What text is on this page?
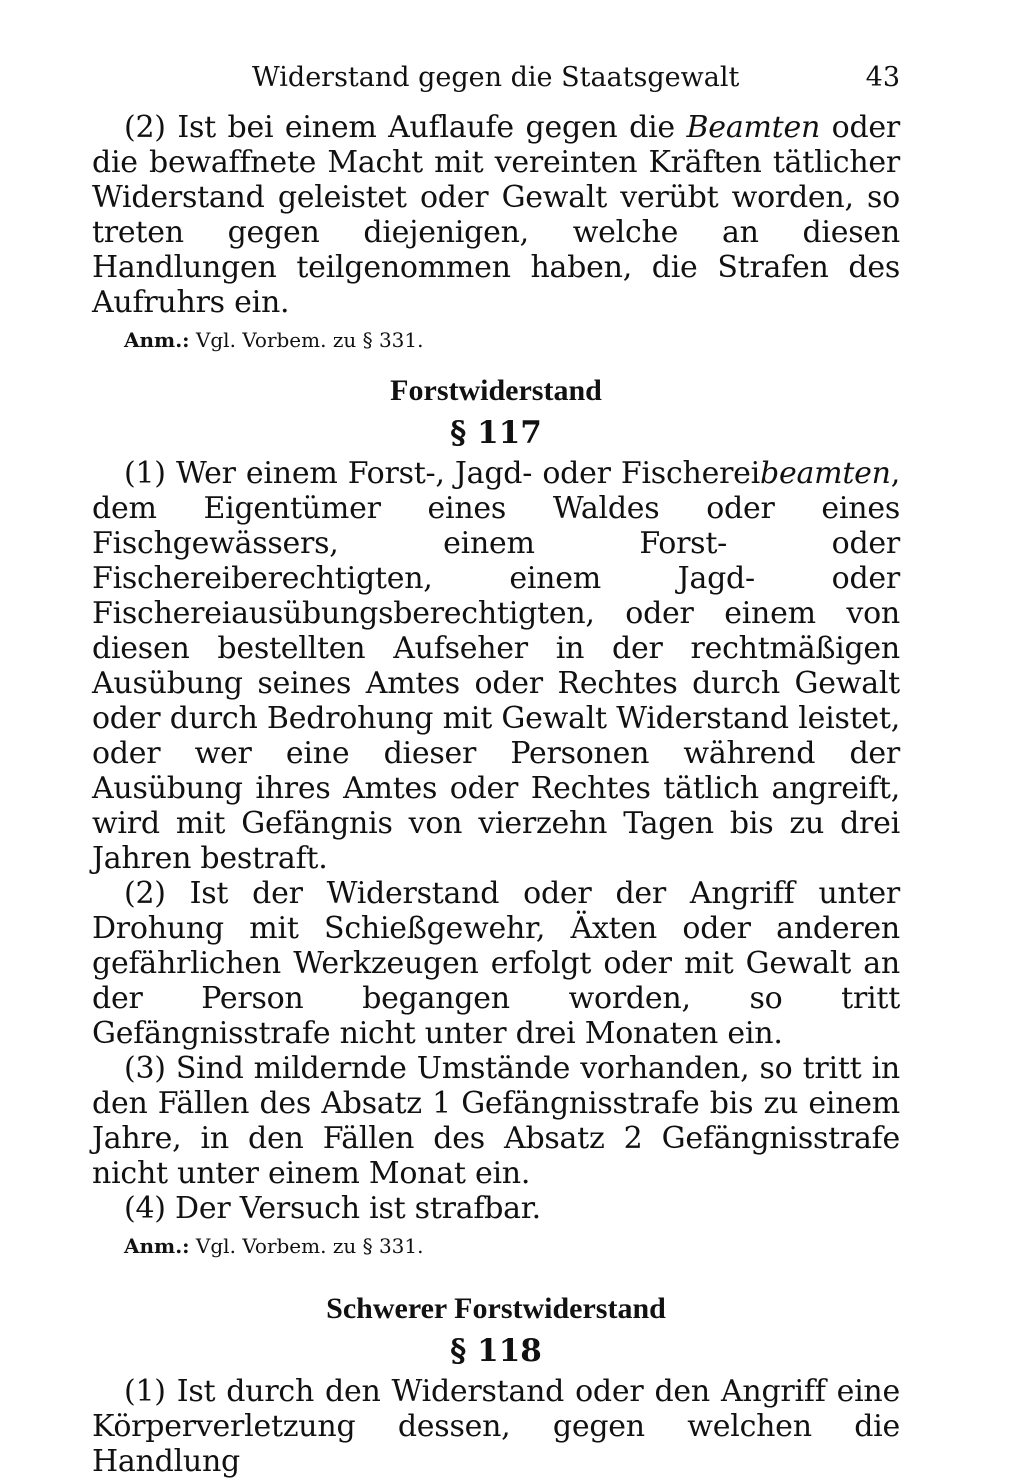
Widerstand gegen die Staatsgewalt	43

(2) Ist bei einem Auflaufe gegen die Beamten oder die bewaffnete Macht mit vereinten Kräften tätlicher Widerstand geleistet oder Gewalt verübt worden, so treten gegen diejenigen, welche an diesen Handlungen teilgenommen haben, die Strafen des Aufruhrs ein.

Anm.: Vgl. Vorbem. zu § 331.
Forstwiderstand
§ 117

(1) Wer einem Forst-, Jagd- oder Fischereibeamten, dem Eigentümer eines Waldes oder eines Fischgewässers, einem Forst- oder Fischereiberechtigten, einem Jagd- oder Fischereiausübungsberechtigten, oder einem von diesen bestellten Aufseher in der rechtmäßigen Ausübung seines Amtes oder Rechtes durch Gewalt oder durch Bedrohung mit Gewalt Widerstand leistet, oder wer eine dieser Personen während der Ausübung ihres Amtes oder Rechtes tätlich angreift, wird mit Gefängnis von vierzehn Tagen bis zu drei Jahren bestraft.

(2) Ist der Widerstand oder der Angriff unter Drohung mit Schießgewehr, Äxten oder anderen gefährlichen Werkzeugen erfolgt oder mit Gewalt an der Person begangen worden, so tritt Gefängnisstrafe nicht unter drei Monaten ein.

(3) Sind mildernde Umstände vorhanden, so tritt in den Fällen des Absatz 1 Gefängnisstrafe bis zu einem Jahre, in den Fällen des Absatz 2 Gefängnisstrafe nicht unter einem Monat ein.

(4) Der Versuch ist strafbar.

Anm.: Vgl. Vorbem. zu § 331.
Schwerer Forstwiderstand
§ 118

(1) Ist durch den Widerstand oder den Angriff eine Körperverletzung dessen, gegen welchen die Handlung
